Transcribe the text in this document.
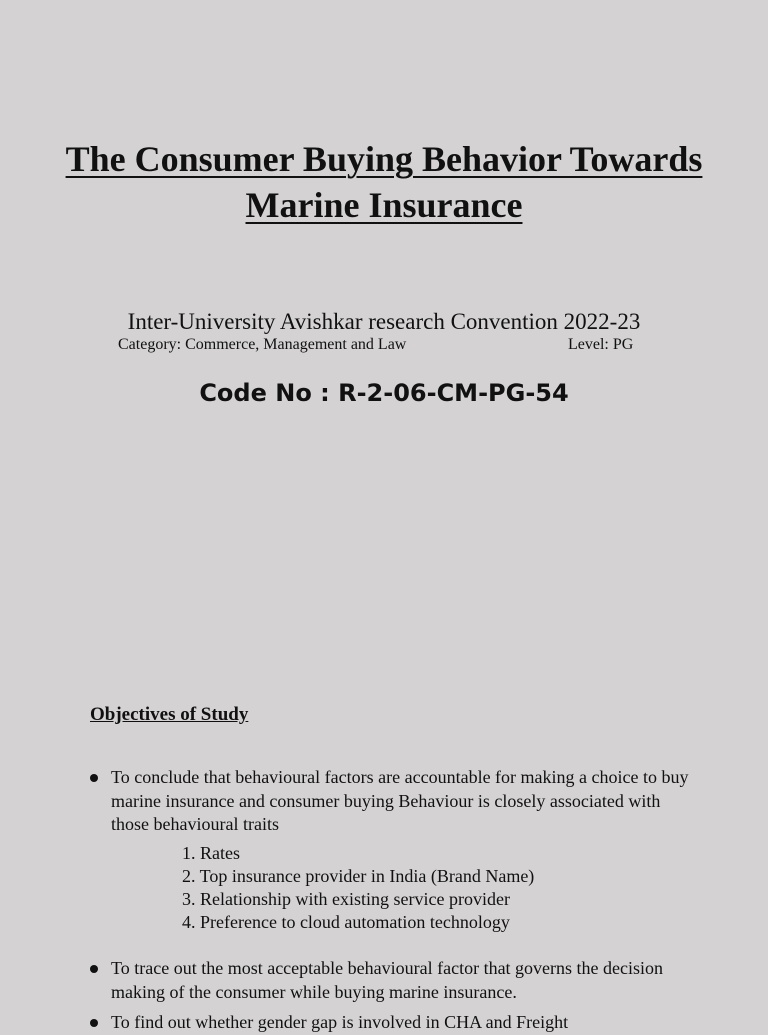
The Consumer Buying Behavior Towards
Marine Insurance
Inter-University Avishkar research Convention 2022-23
Category: Commerce, Management and Law	Level: PG
Code No : R-2-06-CM-PG-54
Objectives of Study
To conclude that behavioural factors are accountable for making a choice to buy marine insurance and consumer buying Behaviour is closely associated with those behavioural traits
1. Rates
2. Top insurance provider in India (Brand Name)
3. Relationship with existing service provider
4. Preference to cloud automation technology
To trace out the most acceptable behavioural factor that governs the decision making of the consumer while buying marine insurance.
To find out whether gender gap is involved in CHA and Freight
